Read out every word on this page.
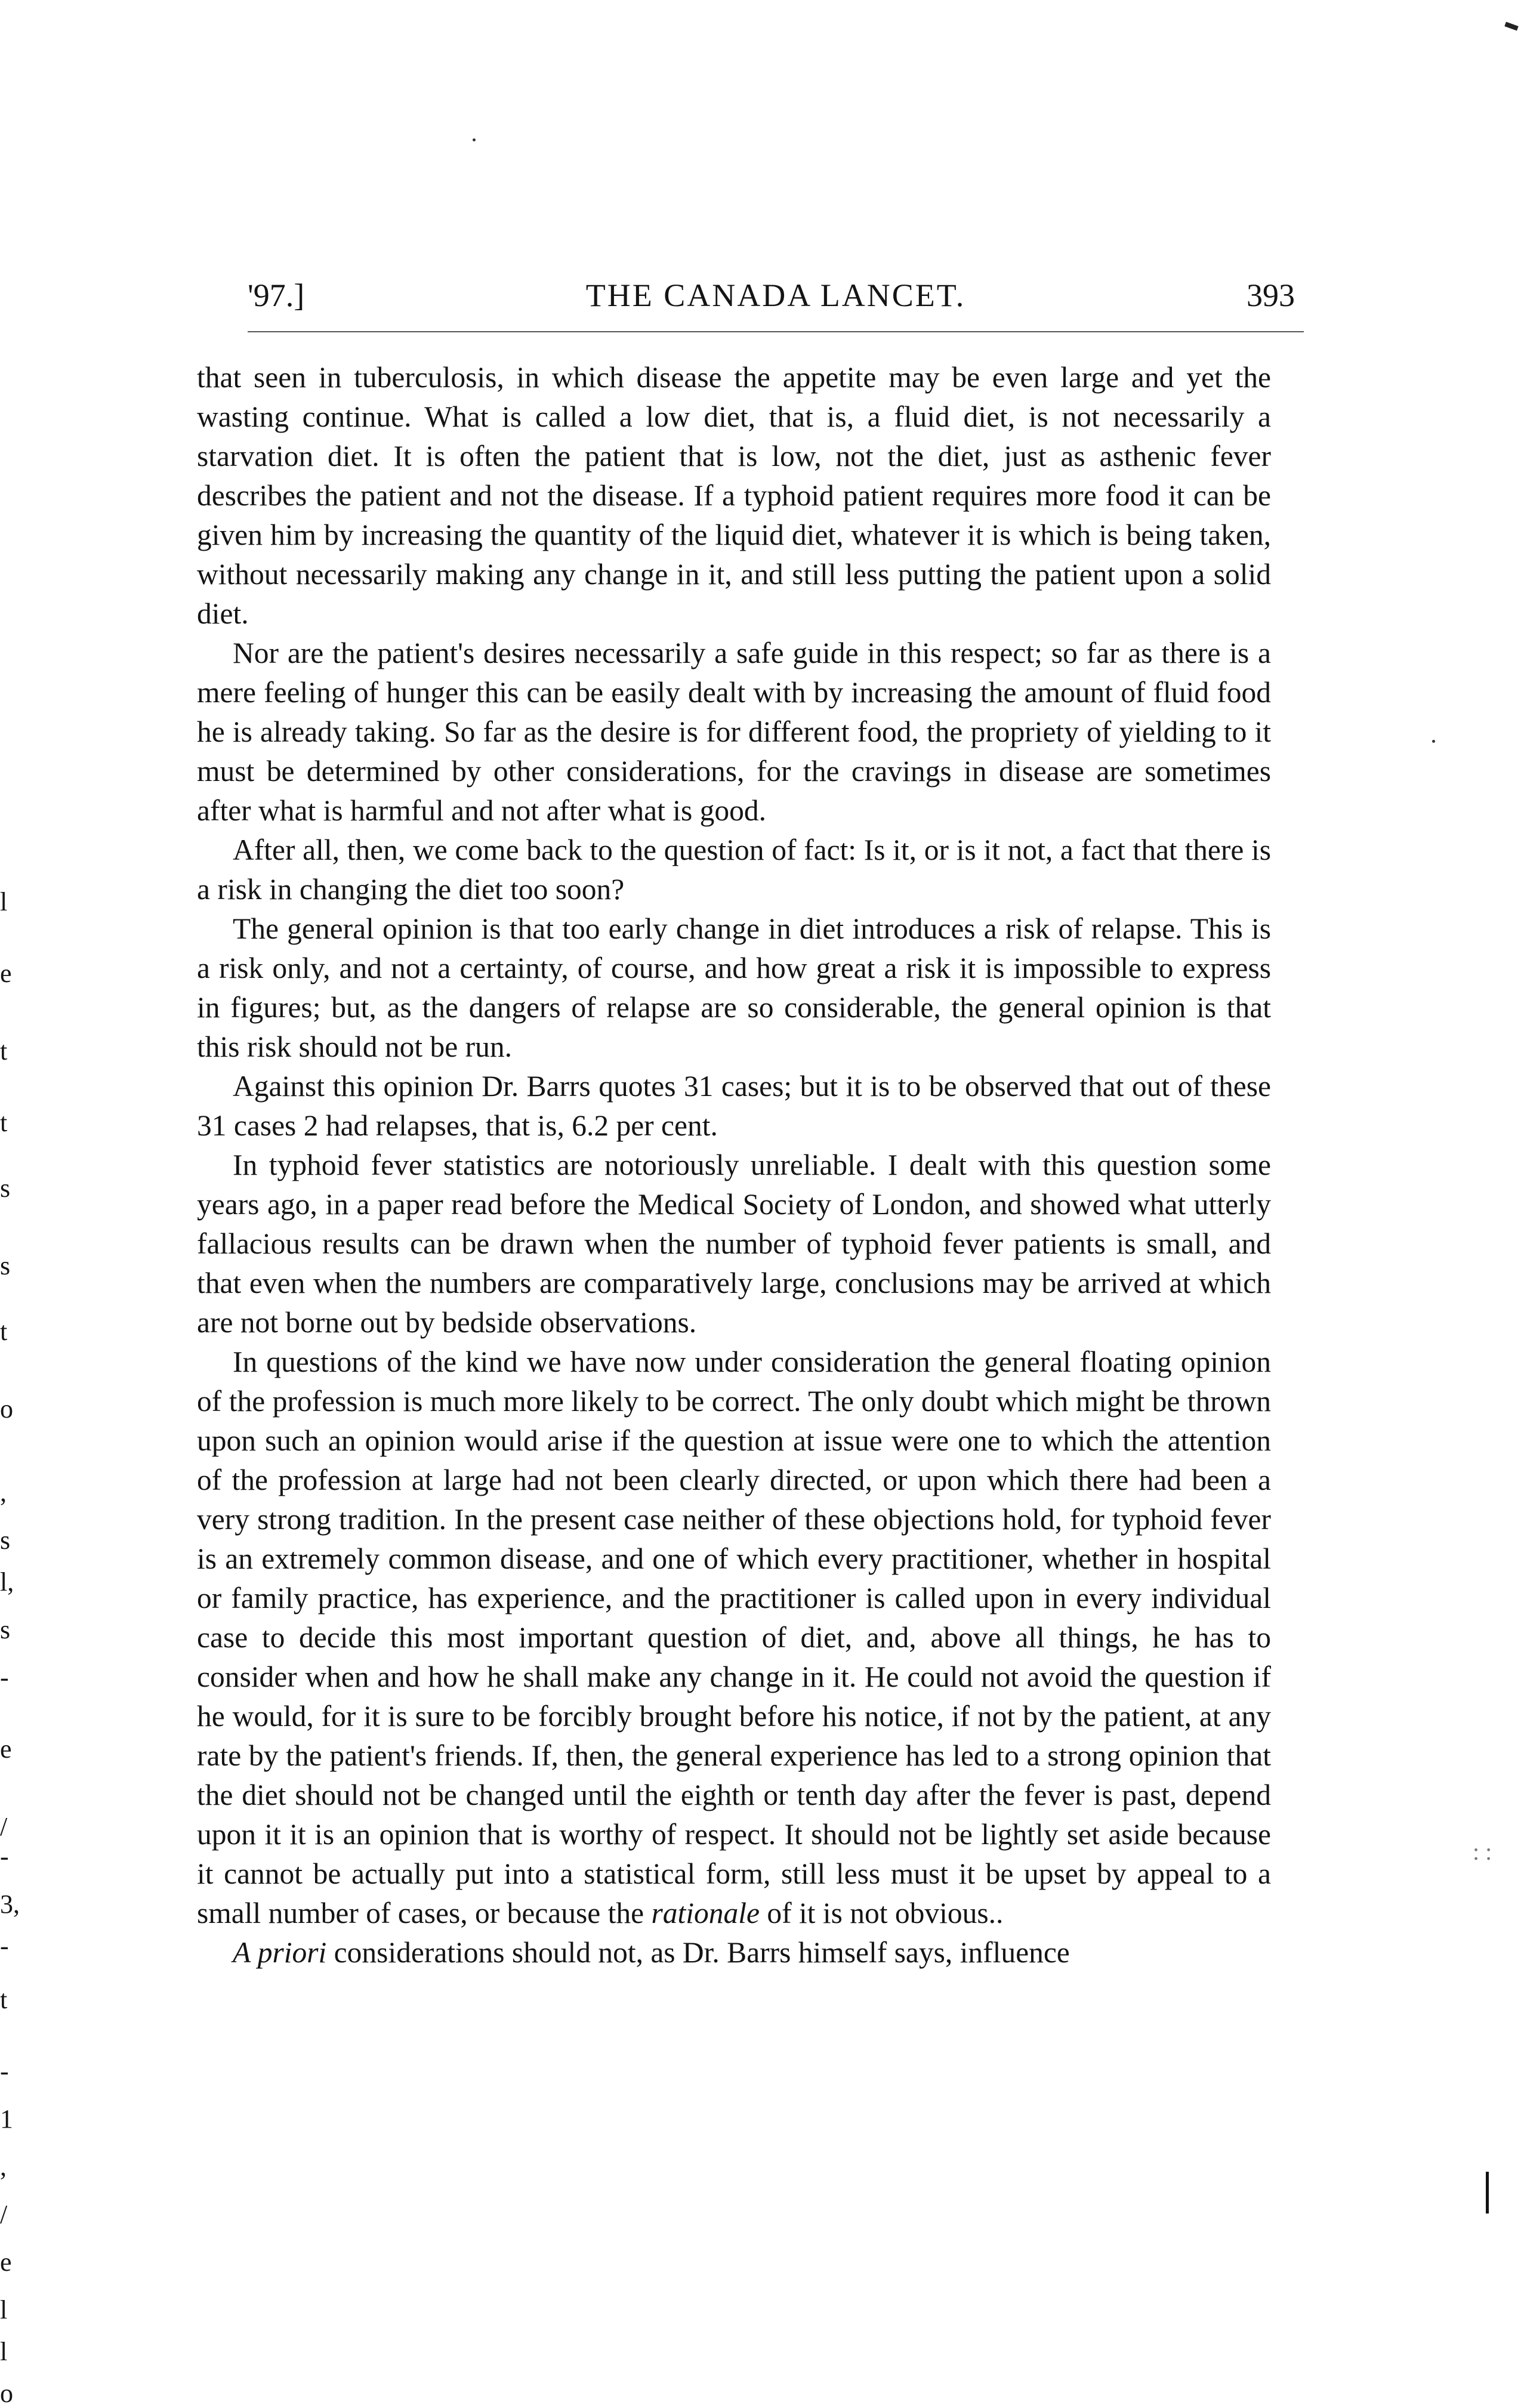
'97.]	THE CANADA LANCET.	393

that seen in tuberculosis, in which disease the appetite may be even large and yet the wasting continue. What is called a low diet, that is, a fluid diet, is not necessarily a starvation diet. It is often the patient that is low, not the diet, just as asthenic fever describes the patient and not the disease. If a typhoid patient requires more food it can be given him by increasing the quantity of the liquid diet, whatever it is which is being taken, without necessarily making any change in it, and still less putting the patient upon a solid diet.

Nor are the patient's desires necessarily a safe guide in this respect; so far as there is a mere feeling of hunger this can be easily dealt with by increasing the amount of fluid food he is already taking. So far as the desire is for different food, the propriety of yielding to it must be determined by other considerations, for the cravings in disease are sometimes after what is harmful and not after what is good.

After all, then, we come back to the question of fact: Is it, or is it not, a fact that there is a risk in changing the diet too soon?

The general opinion is that too early change in diet introduces a risk of relapse. This is a risk only, and not a certainty, of course, and how great a risk it is impossible to express in figures; but, as the dangers of relapse are so considerable, the general opinion is that this risk should not be run.

Against this opinion Dr. Barrs quotes 31 cases; but it is to be observed that out of these 31 cases 2 had relapses, that is, 6.2 per cent.

In typhoid fever statistics are notoriously unreliable. I dealt with this question some years ago, in a paper read before the Medical Society of London, and showed what utterly fallacious results can be drawn when the number of typhoid fever patients is small, and that even when the numbers are comparatively large, conclusions may be arrived at which are not borne out by bedside observations.

In questions of the kind we have now under consideration the general floating opinion of the profession is much more likely to be correct. The only doubt which might be thrown upon such an opinion would arise if the question at issue were one to which the attention of the profession at large had not been clearly directed, or upon which there had been a very strong tradition. In the present case neither of these objections hold, for typhoid fever is an extremely common disease, and one of which every practitioner, whether in hospital or family practice, has experience, and the practitioner is called upon in every individual case to decide this most important question of diet, and, above all things, he has to consider when and how he shall make any change in it. He could not avoid the question if he would, for it is sure to be forcibly brought before his notice, if not by the patient, at any rate by the patient's friends. If, then, the general experience has led to a strong opinion that the diet should not be changed until the eighth or tenth day after the fever is past, depend upon it it is an opinion that is worthy of respect. It should not be lightly set aside because it cannot be actually put into a statistical form, still less must it be upset by appeal to a small number of cases, or because the rationale of it is not obvious..

A priori considerations should not, as Dr. Barrs himself says, influence

l
e
t
t
s
s
t
o
,
s
l,
s
-
e
/
-
3,
-
t
-
1
,
/
e
l
l
o
: :
